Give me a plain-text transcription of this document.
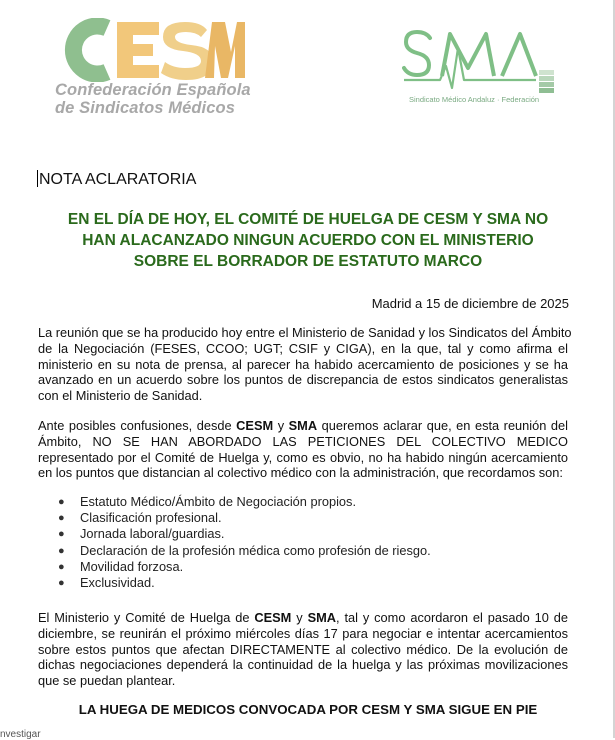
Confederación Española
de Sindicatos Médicos	Sindicato Médico Andaluz · Federación
NOTA ACLARATORIA
EN EL DÍA DE HOY, EL COMITÉ DE HUELGA DE CESM Y SMA NO
HAN ALACANZADO NINGUN ACUERDO CON EL MINISTERIO
SOBRE EL BORRADOR DE ESTATUTO MARCO
Madrid a 15 de diciembre de 2025
La reunión que se ha producido hoy entre el Ministerio de Sanidad y los Sindicatos del Ámbito
de la Negociación (FESES, CCOO; UGT; CSIF y CIGA), en la que, tal y como afirma el
ministerio en su nota de prensa, al parecer ha habido acercamiento de posiciones y se ha
avanzado en un acuerdo sobre los puntos de discrepancia de estos sindicatos generalistas
con el Ministerio de Sanidad.
Ante posibles confusiones, desde CESM y SMA queremos aclarar que, en esta reunión del
Ámbito, NO SE HAN ABORDADO LAS PETICIONES DEL COLECTIVO MEDICO
representado por el Comité de Huelga y, como es obvio, no ha habido ningún acercamiento
en los puntos que distancian al colectivo médico con la administración, que recordamos son:
● Estatuto Médico/Ámbito de Negociación propios.
● Clasificación profesional.
● Jornada laboral/guardias.
● Declaración de la profesión médica como profesión de riesgo.
● Movilidad forzosa.
● Exclusividad.
El Ministerio y Comité de Huelga de CESM y SMA, tal y como acordaron el pasado 10 de
diciembre, se reunirán el próximo miércoles días 17 para negociar e intentar acercamientos
sobre estos puntos que afectan DIRECTAMENTE al colectivo médico. De la evolución de
dichas negociaciones dependerá la continuidad de la huelga y las próximas movilizaciones
que se puedan plantear.
LA HUEGA DE MEDICOS CONVOCADA POR CESM Y SMA SIGUE EN PIE
nvestigar
